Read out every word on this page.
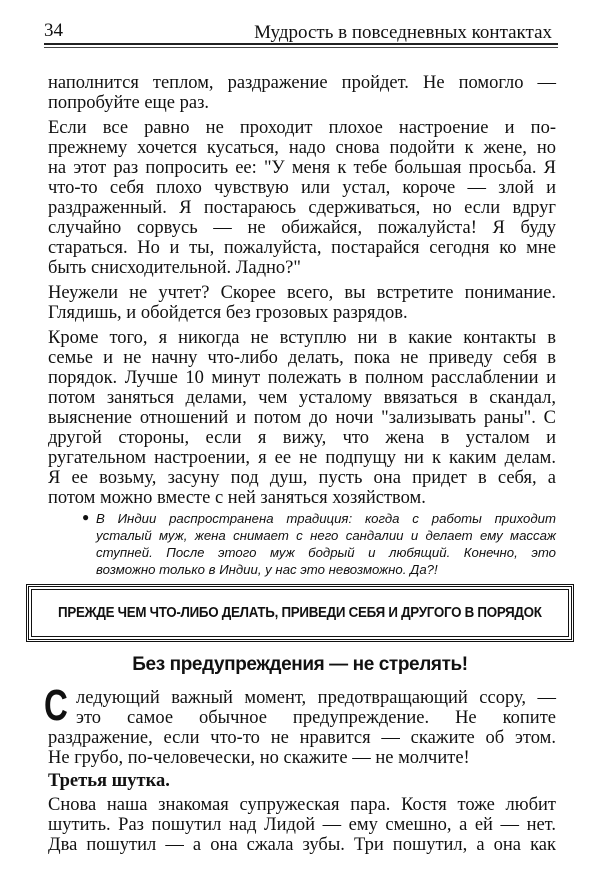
34	Мудрость в повседневных контактах
наполнится теплом, раздражение пройдет. Не помогло —
попробуйте еще раз.
Если все равно не проходит плохое настроение и по-
прежнему хочется кусаться, надо снова подойти к жене, но
на этот раз попросить ее: "У меня к тебе большая просьба. Я
что-то себя плохо чувствую или устал, короче — злой и
раздраженный. Я постараюсь сдерживаться, но если вдруг
случайно сорвусь — не обижайся, пожалуйста! Я буду
стараться. Но и ты, пожалуйста, постарайся сегодня ко мне
быть снисходительной. Ладно?"
Неужели не учтет? Скорее всего, вы встретите понимание.
Глядишь, и обойдется без грозовых разрядов.
Кроме того, я никогда не вступлю ни в какие контакты в
семье и не начну что-либо делать, пока не приведу себя в
порядок. Лучше 10 минут полежать в полном расслаблении и
потом заняться делами, чем усталому ввязаться в скандал,
выяснение отношений и потом до ночи "зализывать раны". С
другой стороны, если я вижу, что жена в усталом и
ругательном настроении, я ее не подпущу ни к каким делам.
Я ее возьму, засуну под душ, пусть она придет в себя, а
потом можно вместе с ней заняться хозяйством.
● В Индии распространена традиция: когда с работы приходит
усталый муж, жена снимает с него сандалии и делает ему массаж
ступней. После этого муж бодрый и любящий. Конечно, это
возможно только в Индии, у нас это невозможно. Да?!
ПРЕЖДЕ ЧЕМ ЧТО-ЛИБО ДЕЛАТЬ, ПРИВЕДИ СЕБЯ И ДРУГОГО В ПОРЯДОК
Без предупреждения — не стрелять!
С ледующий важный момент, предотвращающий ссору, —
это самое обычное предупреждение. Не копите
раздражение, если что-то не нравится — скажите об этом.
Не грубо, по-человечески, но скажите — не молчите!
Третья шутка.
Снова наша знакомая супружеская пара. Костя тоже любит
шутить. Раз пошутил над Лидой — ему смешно, а ей — нет.
Два пошутил — а она сжала зубы. Три пошутил, а она как
